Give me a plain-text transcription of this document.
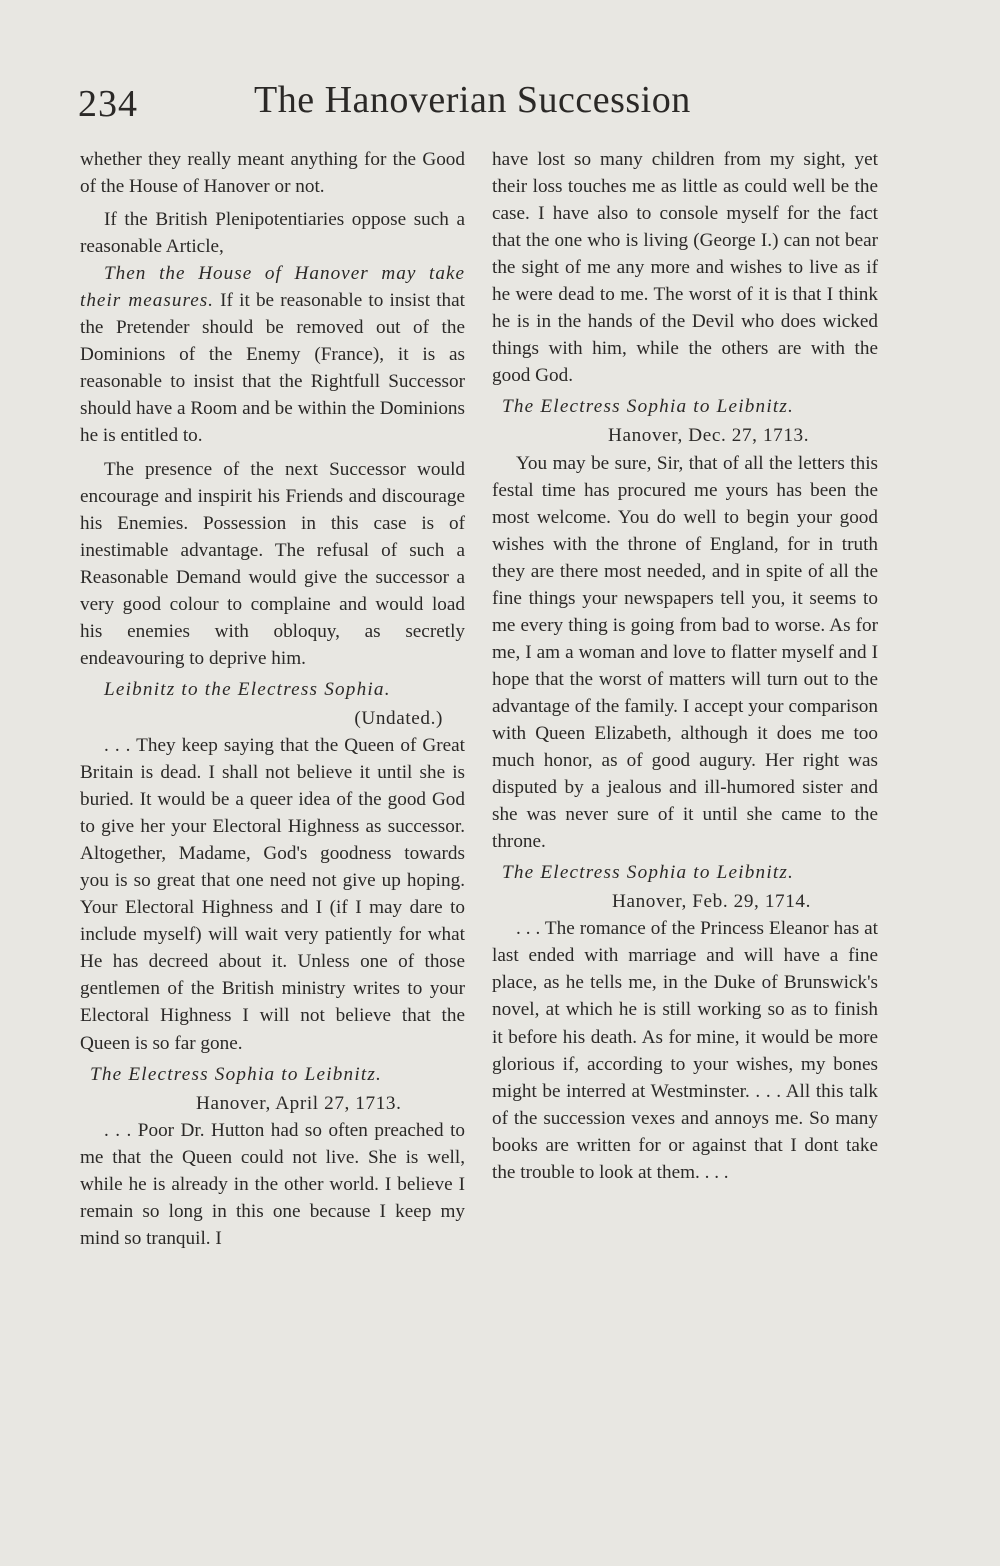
234	The Hanoverian Succession

whether they really meant anything for the Good of the House of Hanover or not.

If the British Plenipotentiaries oppose such a reasonable Article,

Then the House of Hanover may take their measures. If it be reasonable to insist that the Pretender should be removed out of the Dominions of the Enemy (France), it is as reasonable to insist that the Rightfull Successor should have a Room and be within the Dominions he is entitled to.

The presence of the next Successor would encourage and inspirit his Friends and discourage his Enemies. Possession in this case is of inestimable advantage. The refusal of such a Reasonable Demand would give the successor a very good colour to complaine and would load his enemies with obloquy, as secretly endeavouring to deprive him.

Leibnitz to the Electress Sophia.
(Undated.)

. . . They keep saying that the Queen of Great Britain is dead. I shall not believe it until she is buried. It would be a queer idea of the good God to give her your Electoral Highness as successor. Altogether, Madame, God's goodness towards you is so great that one need not give up hoping. Your Electoral Highness and I (if I may dare to include myself) will wait very patiently for what He has decreed about it. Unless one of those gentlemen of the British ministry writes to your Electoral Highness I will not believe that the Queen is so far gone.

The Electress Sophia to Leibnitz.
Hanover, April 27, 1713.

. . . Poor Dr. Hutton had so often preached to me that the Queen could not live. She is well, while he is already in the other world. I believe I remain so long in this one because I keep my mind so tranquil. I

have lost so many children from my sight, yet their loss touches me as little as could well be the case. I have also to console myself for the fact that the one who is living (George I.) can not bear the sight of me any more and wishes to live as if he were dead to me. The worst of it is that I think he is in the hands of the Devil who does wicked things with him, while the others are with the good God.

The Electress Sophia to Leibnitz.
Hanover, Dec. 27, 1713.

You may be sure, Sir, that of all the letters this festal time has procured me yours has been the most welcome. You do well to begin your good wishes with the throne of England, for in truth they are there most needed, and in spite of all the fine things your newspapers tell you, it seems to me every thing is going from bad to worse. As for me, I am a woman and love to flatter myself and I hope that the worst of matters will turn out to the advantage of the family. I accept your comparison with Queen Elizabeth, although it does me too much honor, as of good augury. Her right was disputed by a jealous and ill-humored sister and she was never sure of it until she came to the throne.

The Electress Sophia to Leibnitz.
Hanover, Feb. 29, 1714.

. . . The romance of the Princess Eleanor has at last ended with marriage and will have a fine place, as he tells me, in the Duke of Brunswick's novel, at which he is still working so as to finish it before his death. As for mine, it would be more glorious if, according to your wishes, my bones might be interred at Westminster. . . . All this talk of the succession vexes and annoys me. So many books are written for or against that I dont take the trouble to look at them. . . .
